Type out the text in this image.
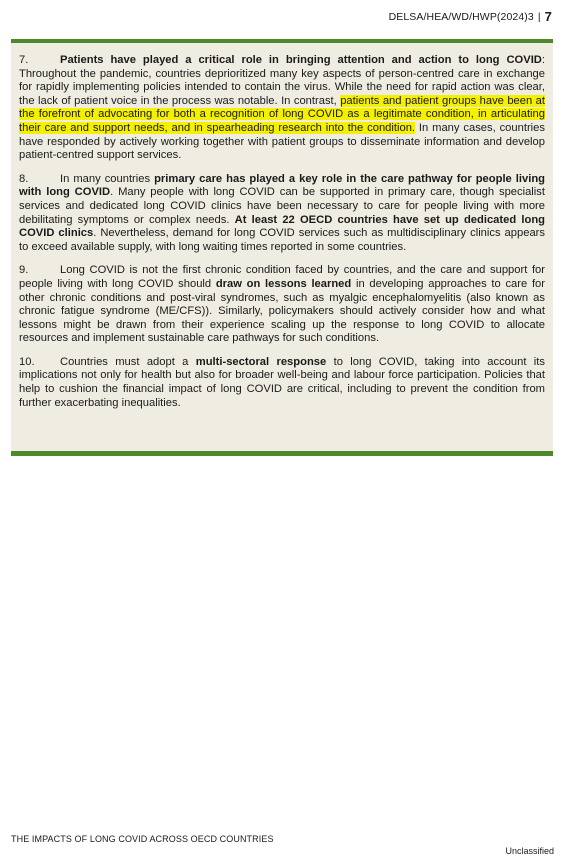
DELSA/HEA/WD/HWP(2024)3 | 7

7.	Patients have played a critical role in bringing attention and action to long COVID: Throughout the pandemic, countries deprioritized many key aspects of person-centred care in exchange for rapidly implementing policies intended to contain the virus. While the need for rapid action was clear, the lack of patient voice in the process was notable. In contrast, patients and patient groups have been at the forefront of advocating for both a recognition of long COVID as a legitimate condition, in articulating their care and support needs, and in spearheading research into the condition. In many cases, countries have responded by actively working together with patient groups to disseminate information and develop patient-centred support services.

8.	In many countries primary care has played a key role in the care pathway for people living with long COVID. Many people with long COVID can be supported in primary care, though specialist services and dedicated long COVID clinics have been necessary to care for people living with more debilitating symptoms or complex needs. At least 22 OECD countries have set up dedicated long COVID clinics. Nevertheless, demand for long COVID services such as multidisciplinary clinics appears to exceed available supply, with long waiting times reported in some countries.

9.	Long COVID is not the first chronic condition faced by countries, and the care and support for people living with long COVID should draw on lessons learned in developing approaches to care for other chronic conditions and post-viral syndromes, such as myalgic encephalomyelitis (also known as chronic fatigue syndrome (ME/CFS)). Similarly, policymakers should actively consider how and what lessons might be drawn from their experience scaling up the response to long COVID to allocate resources and implement sustainable care pathways for such conditions.

10. Countries must adopt a multi-sectoral response to long COVID, taking into account its implications not only for health but also for broader well-being and labour force participation. Policies that help to cushion the financial impact of long COVID are critical, including to prevent the condition from further exacerbating inequalities.

THE IMPACTS OF LONG COVID ACROSS OECD COUNTRIES
Unclassified
